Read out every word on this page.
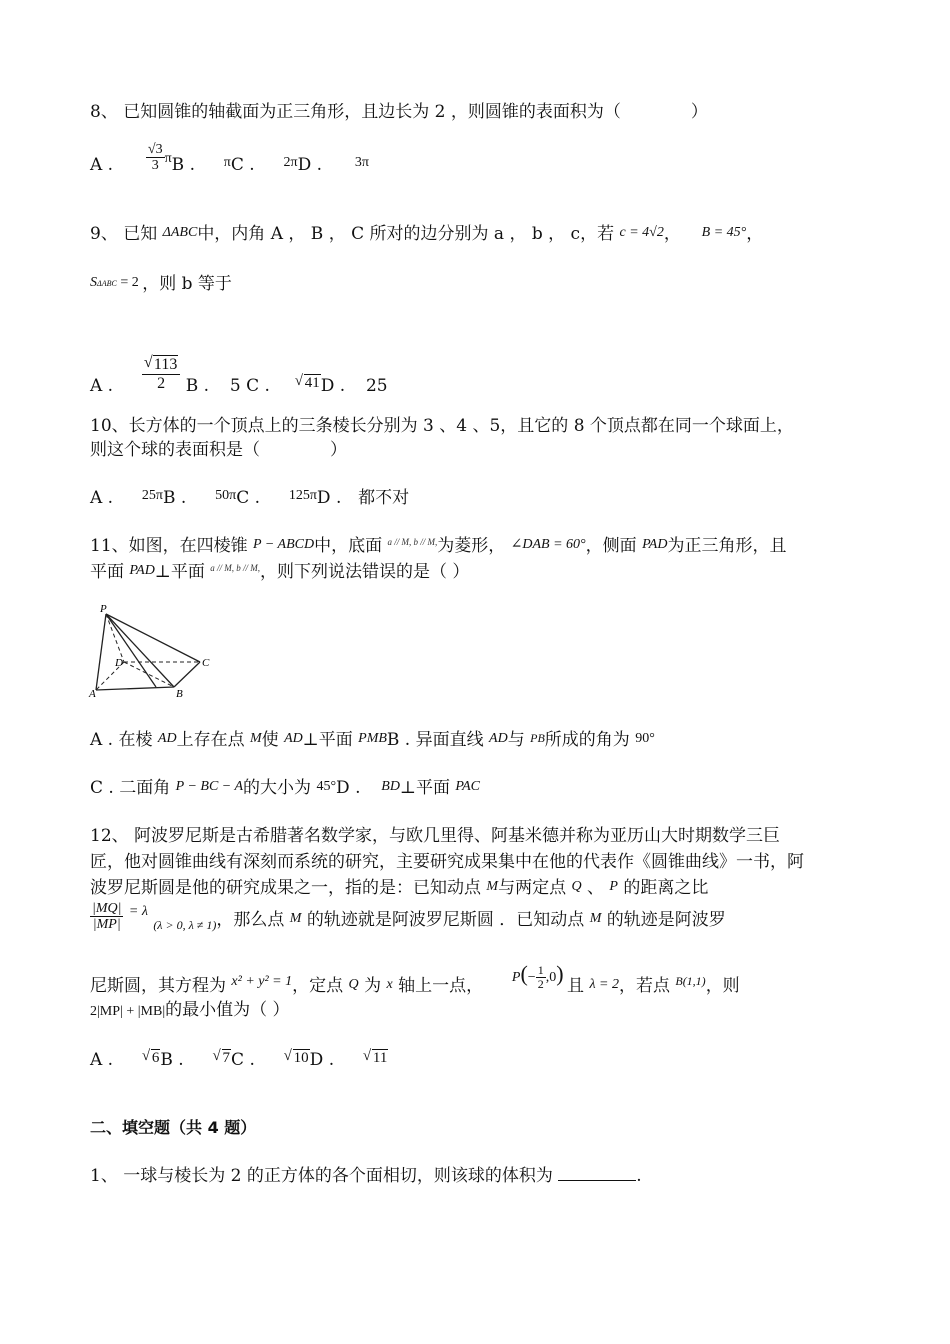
8、 已知圆锥的轴截面为正三角形，且边长为 2 ，则圆锥的表面积为（	）
A . $\frac{√3}{3} ^\pi B$ . $^\pi$C . $^{2\pi}$D . $^{3\pi}$
9、 已知 ΔABC中，内角 A ， B ， C 所对的边分别为 a ， b ， c，若 c = 4√2， B = 45°，
SΔABC = 2 ，则 b 等于
A . √ $\frac{113}{2}$ B . 5 C . √ 41D . 25
10、长方体的一个顶点上的三条棱长分别为 3 、4 、5，且它的 8 个顶点都在同一个球面上，
则这个球的表面积是（	）
A . $^{25\pi}$B . $^{50\pi}$C . $^{125\pi}$D . 都不对
11、如图，在四棱锥 P − ABCD中，底面 $^{a // M, b // M,}$为菱形， ∠DAB = 60°，侧面 PAD为正三角形，且
平面 PAD⊥平面 $^{a // M, b // M,}$，则下列说法错误的是（ ）
P
D	C
A	B
A . 在棱 AD上存在点 M使 AD⊥平面 PMBB . 异面直线 AD与 PB所成的角为 90°
C . 二面角 P − BC − A的大小为 45°D . BD⊥平面 PAC
12、 阿波罗尼斯是古希腊著名数学家，与欧几里得、阿基米德并称为亚历山大时期数学三巨
匠，他对圆锥曲线有深刻而系统的研究，主要研究成果集中在他的代表作《圆锥曲线》一书，阿
波罗尼斯圆是他的研究成果之一，指的是：已知动点 M与两定点 Q 、 P 的距离之比
$\frac{|MQ|}{|MP|} ^{= \lambda}$ $_{(\lambda > 0, \lambda \ne 1)}$，那么点 M 的轨迹就是阿波罗尼斯圆 ．已知动点 M 的轨迹是阿波罗
尼斯圆，其方程为 $^{x^2 + y^2 = 1}$，定点 Q 为 x 轴上一点， $^{P(- \frac{1}{2} ,0)}$ 且 λ = 2，若点 $^{B(1,1)}$，则
2|MP| + |MB|的最小值为（ ）
A .	√ 6B .	√ 7C .	√ 10D .	√ 11
二、填空题（共 4 题）
1、 一球与棱长为 2 的正方体的各个面相切，则该球的体积为	.
